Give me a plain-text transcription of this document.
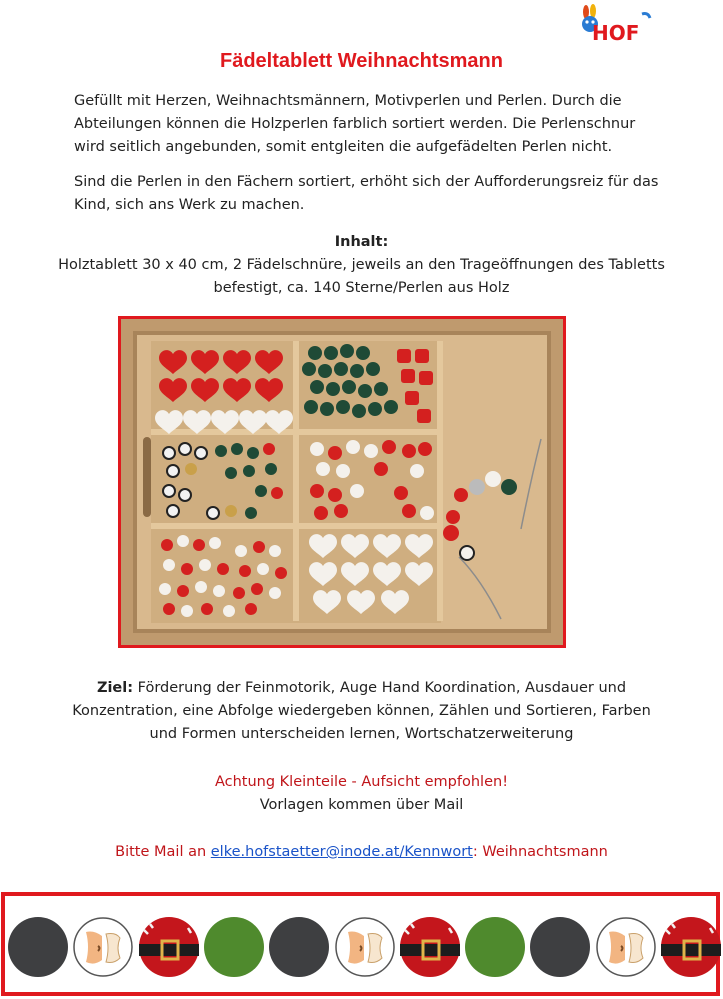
HOF
Fädeltablett Weihnachtsmann
Gefüllt mit Herzen, Weihnachtsmännern, Motivperlen und Perlen. Durch die Abteilungen können die Holzperlen farblich sortiert werden. Die Perlenschnur wird seitlich angebunden, somit entgleiten die aufgefädelten Perlen nicht.
Sind die Perlen in den Fächern sortiert, erhöht sich der Aufforderungsreiz für das Kind, sich ans Werk zu machen.
Inhalt:
Holztablett 30 x 40 cm, 2 Fädelschnüre, jeweils an den Trageöffnungen des Tabletts befestigt, ca. 140 Sterne/Perlen aus Holz
Ziel: Förderung der Feinmotorik, Auge Hand Koordination, Ausdauer und Konzentration, eine Abfolge wiedergeben können, Zählen und Sortieren, Farben und Formen unterscheiden lernen, Wortschatzerweiterung
Achtung Kleinteile - Aufsicht empfohlen!
Vorlagen kommen über Mail
Bitte Mail an elke.hofstaetter@inode.at/Kennwort: Weihnachtsmann
